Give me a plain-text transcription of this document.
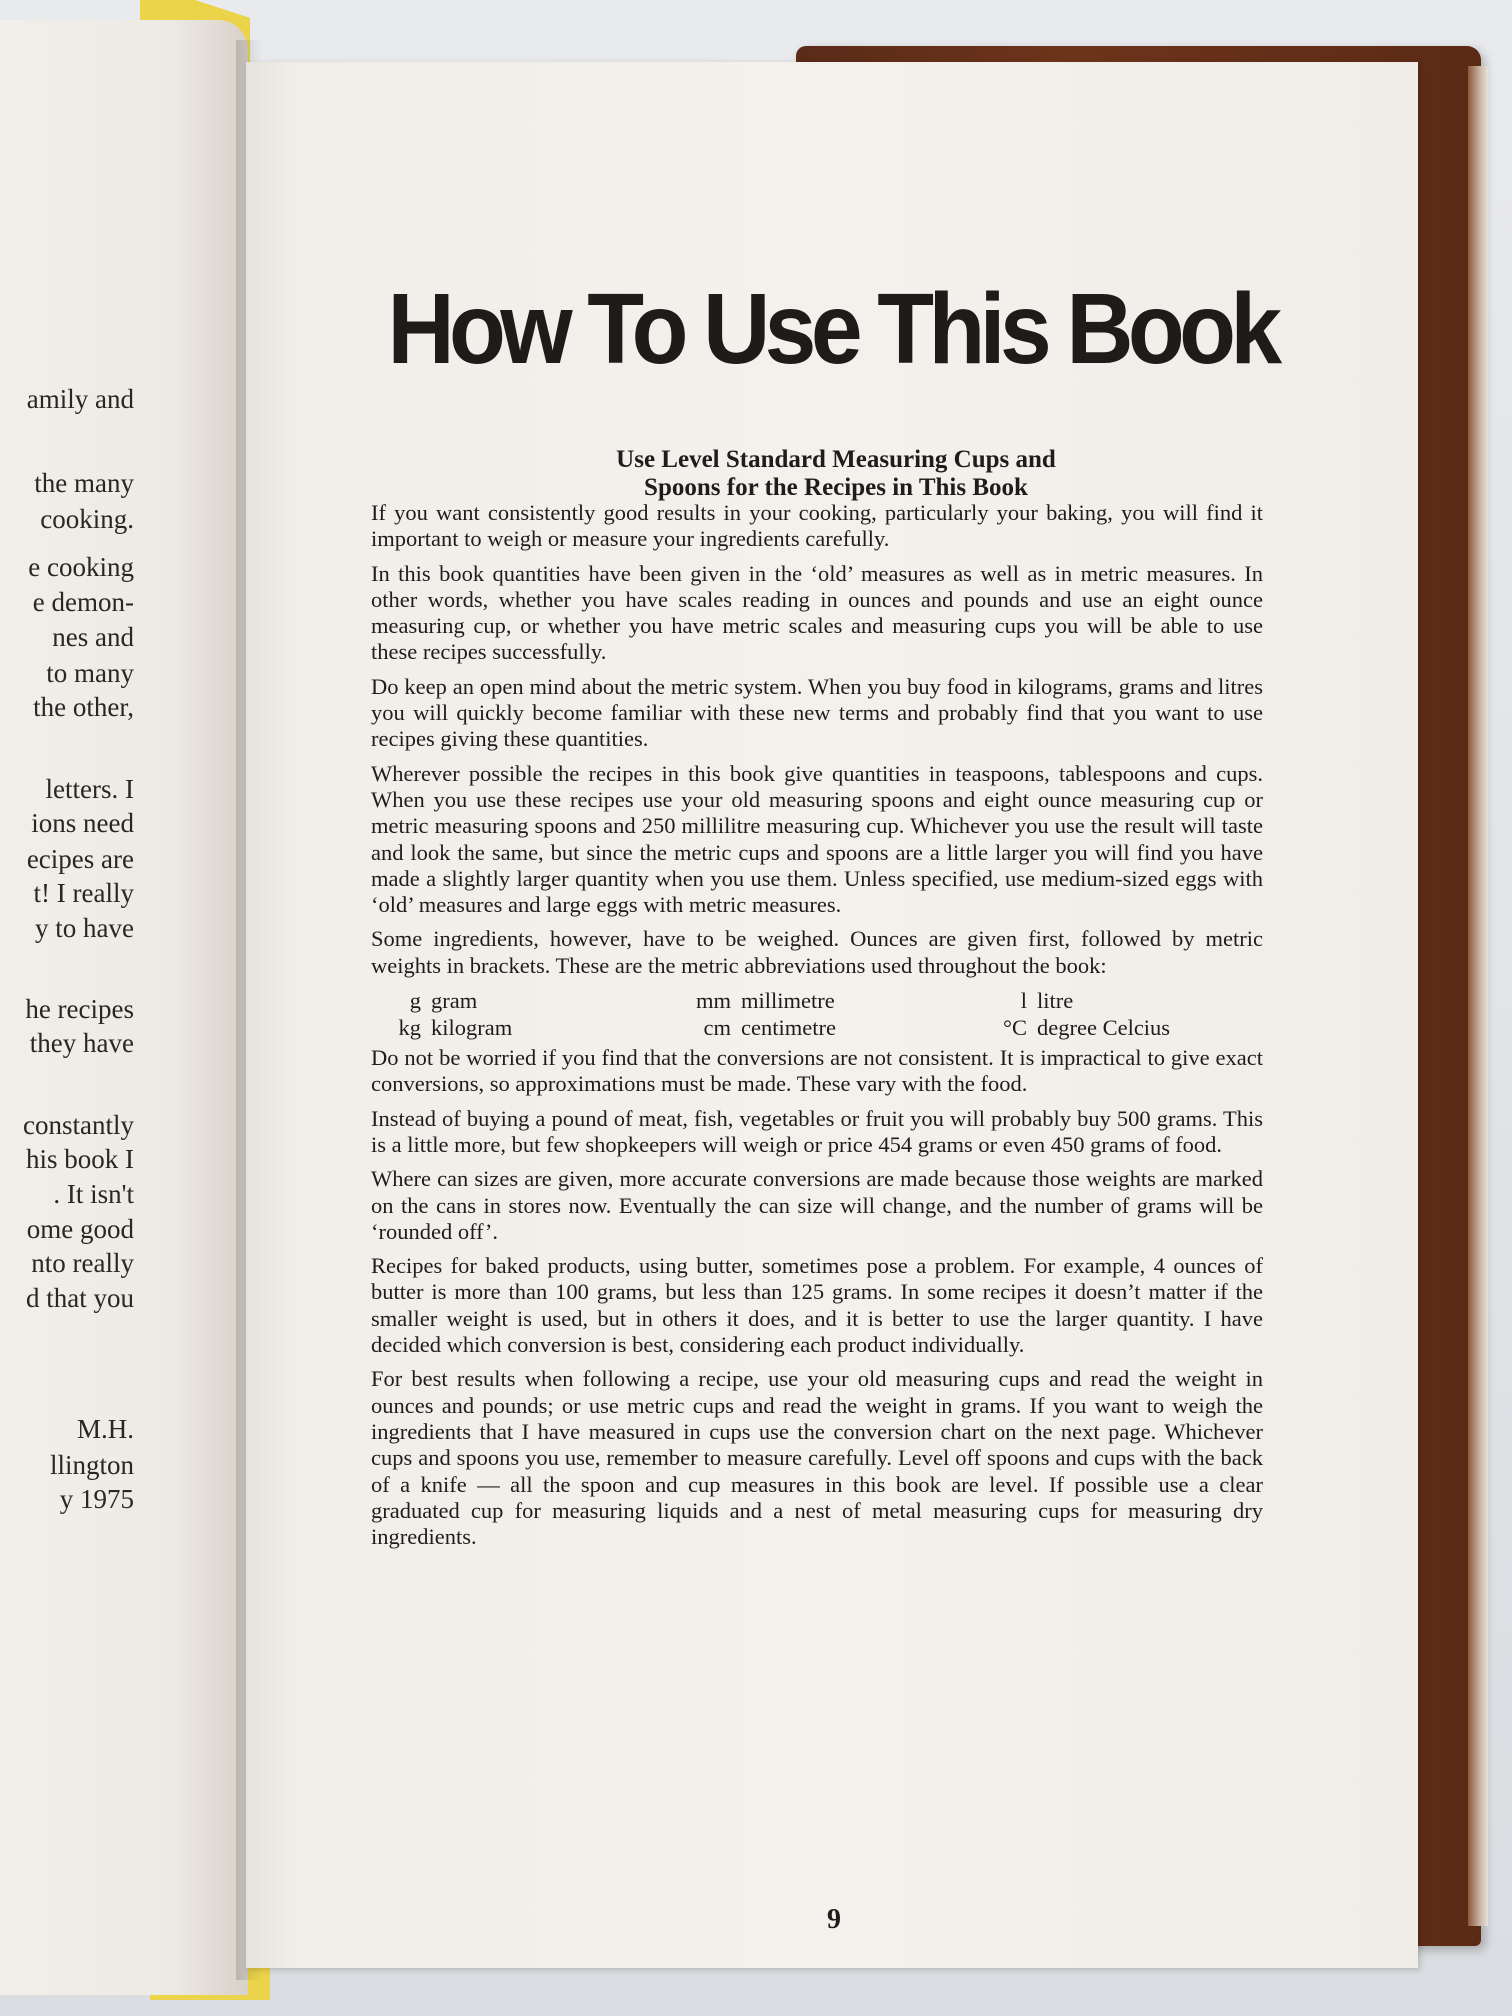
amily and
the many
cooking.
e cooking
e demon-
nes and
to many
the other,
letters. I
ions need
ecipes are
t! I really
y to have
he recipes
they have
constantly
his book I
. It isn't
ome good
nto really
d that you
M.H.
llington
y 1975
How To Use This Book
Use Level Standard Measuring Cups and
Spoons for the Recipes in This Book

If you want consistently good results in your cooking, particularly your baking, you will find it important to weigh or measure your ingredients carefully.

In this book quantities have been given in the ‘old’ measures as well as in metric measures. In other words, whether you have scales reading in ounces and pounds and use an eight ounce measuring cup, or whether you have metric scales and measuring cups you will be able to use these recipes successfully.

Do keep an open mind about the metric system. When you buy food in kilograms, grams and litres you will quickly become familiar with these new terms and probably find that you want to use recipes giving these quantities.

Wherever possible the recipes in this book give quantities in teaspoons, tablespoons and cups. When you use these recipes use your old measuring spoons and eight ounce measuring cup or metric measuring spoons and 250 millilitre measuring cup. Whichever you use the result will taste and look the same, but since the metric cups and spoons are a little larger you will find you have made a slightly larger quantity when you use them. Unless specified, use medium-sized eggs with ‘old’ measures and large eggs with metric measures.

Some ingredients, however, have to be weighed. Ounces are given first, followed by metric weights in brackets. These are the metric abbreviations used throughout the book:

g gram	mm millimetre	l litre
kg kilogram	cm centimetre	°C degree Celcius

Do not be worried if you find that the conversions are not consistent. It is impractical to give exact conversions, so approximations must be made. These vary with the food.

Instead of buying a pound of meat, fish, vegetables or fruit you will probably buy 500 grams. This is a little more, but few shopkeepers will weigh or price 454 grams or even 450 grams of food.

Where can sizes are given, more accurate conversions are made because those weights are marked on the cans in stores now. Eventually the can size will change, and the number of grams will be ‘rounded off’.

Recipes for baked products, using butter, sometimes pose a problem. For example, 4 ounces of butter is more than 100 grams, but less than 125 grams. In some recipes it doesn’t matter if the smaller weight is used, but in others it does, and it is better to use the larger quantity. I have decided which conversion is best, considering each product individually.

For best results when following a recipe, use your old measuring cups and read the weight in ounces and pounds; or use metric cups and read the weight in grams. If you want to weigh the ingredients that I have measured in cups use the conversion chart on the next page. Whichever cups and spoons you use, remember to measure carefully. Level off spoons and cups with the back of a knife — all the spoon and cup measures in this book are level. If possible use a clear graduated cup for measuring liquids and a nest of metal measuring cups for measuring dry ingredients.

9
